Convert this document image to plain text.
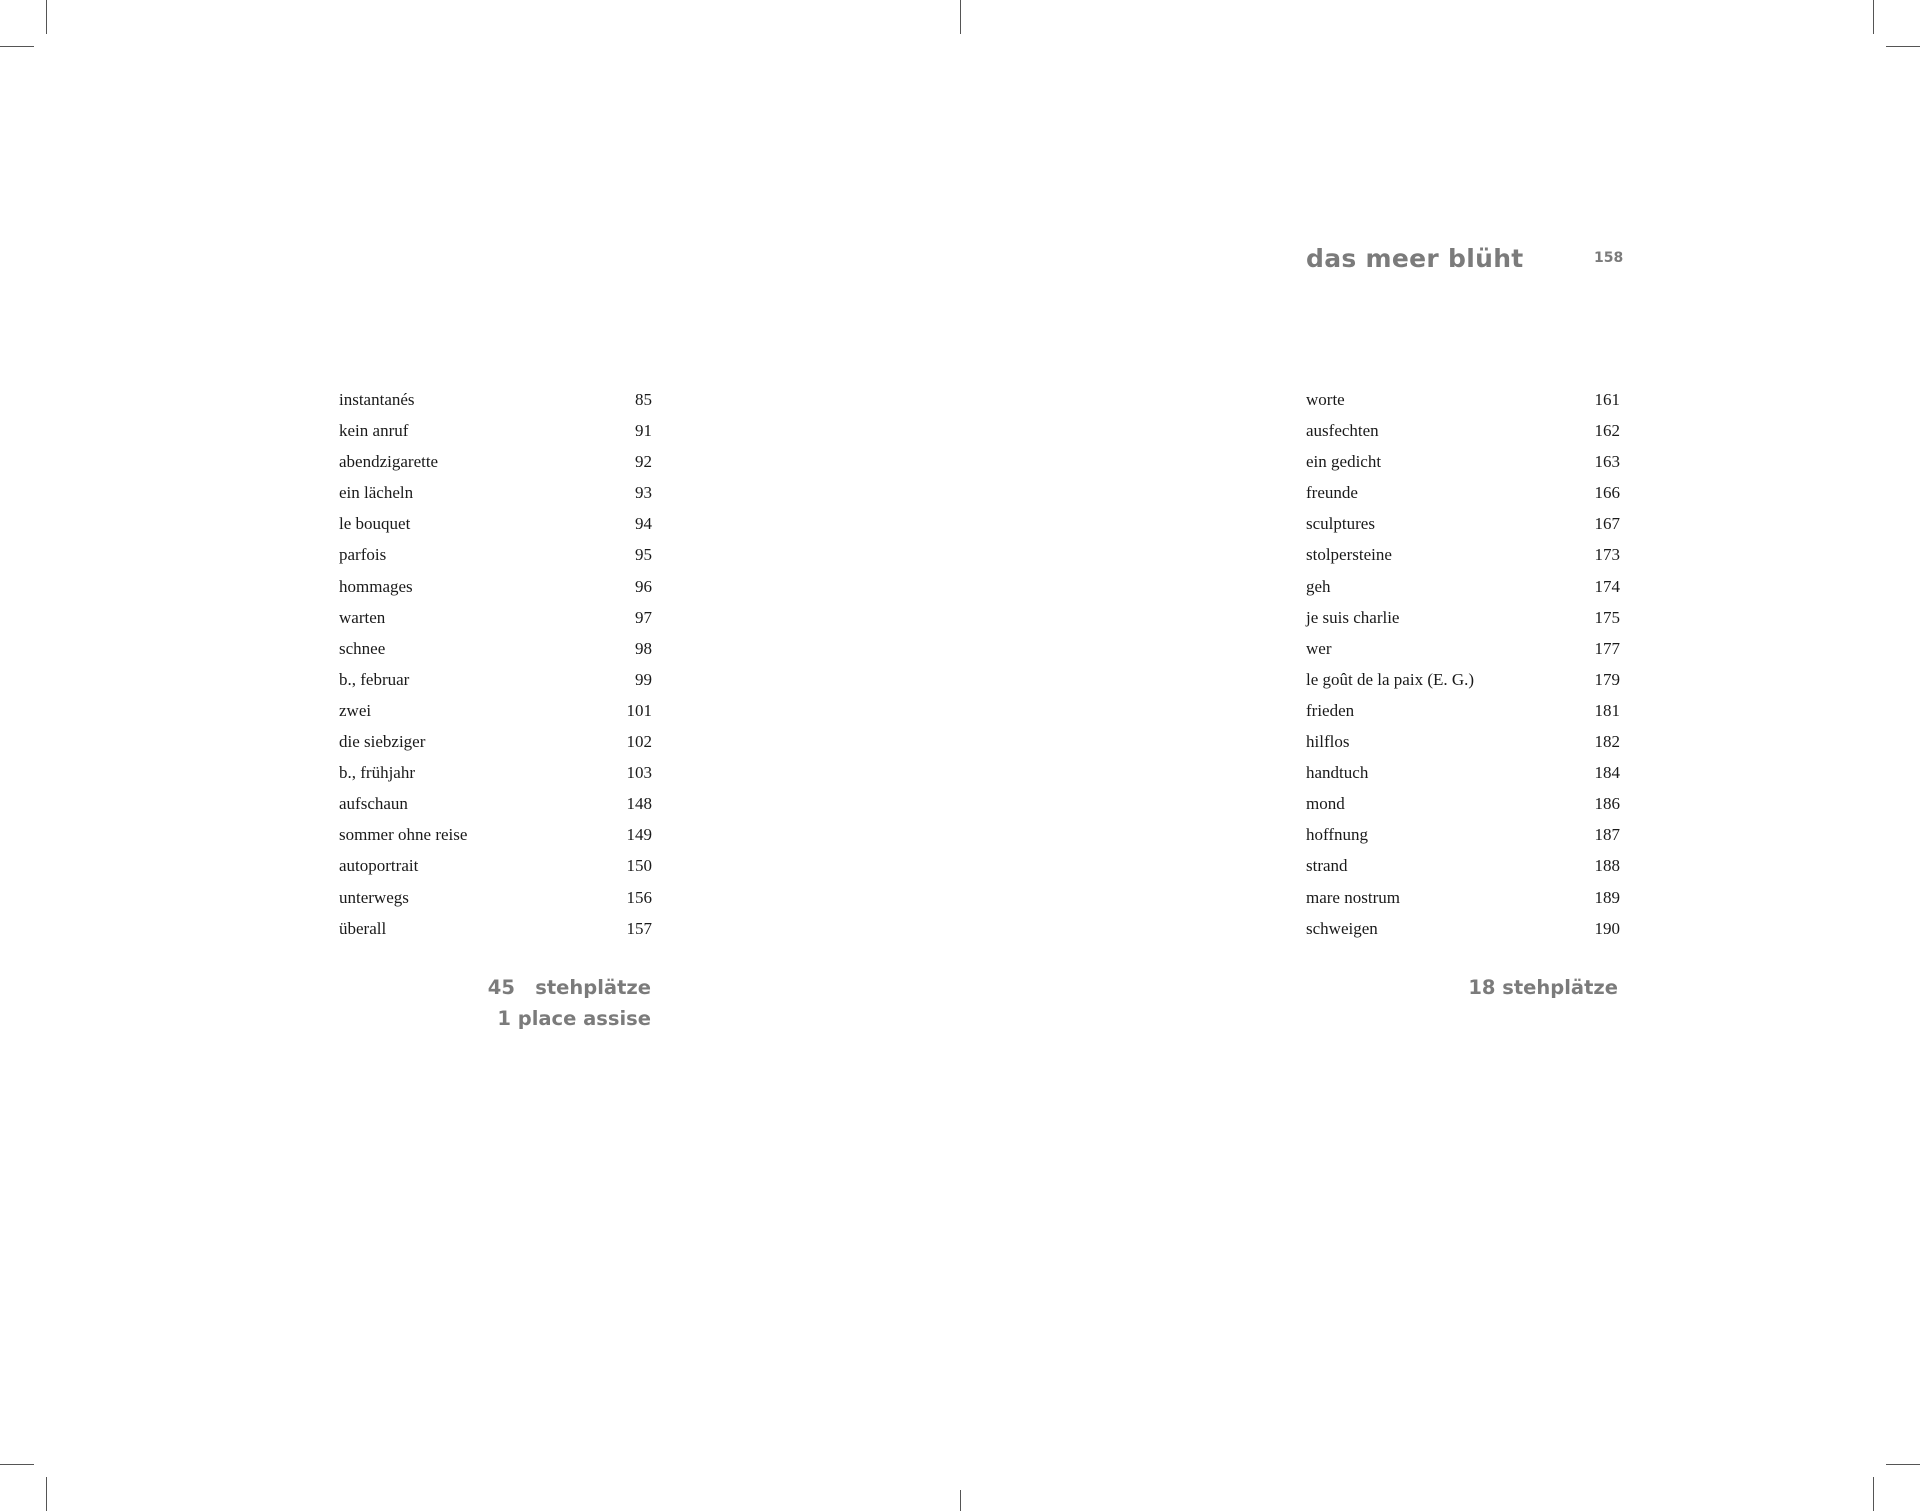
das meer blüht	158
instantanés	85
kein anruf	91
abendzigarette	92
ein lächeln	93
le bouquet	94
parfois	95
hommages	96
warten	97
schnee	98
b., februar	99
zwei	101
die siebziger	102
b., frühjahr	103
aufschaun	148
sommer ohne reise	149
autoportrait	150
unterwegs	156
überall	157
worte	161
ausfechten	162
ein gedicht	163
freunde	166
sculptures	167
stolpersteine	173
geh	174
je suis charlie	175
wer	177
le goût de la paix (E. G.)	179
frieden	181
hilflos	182
handtuch	184
mond	186
hoffnung	187
strand	188
mare nostrum	189
schweigen	190
45   stehplätze
1 place assise
18 stehplätze
